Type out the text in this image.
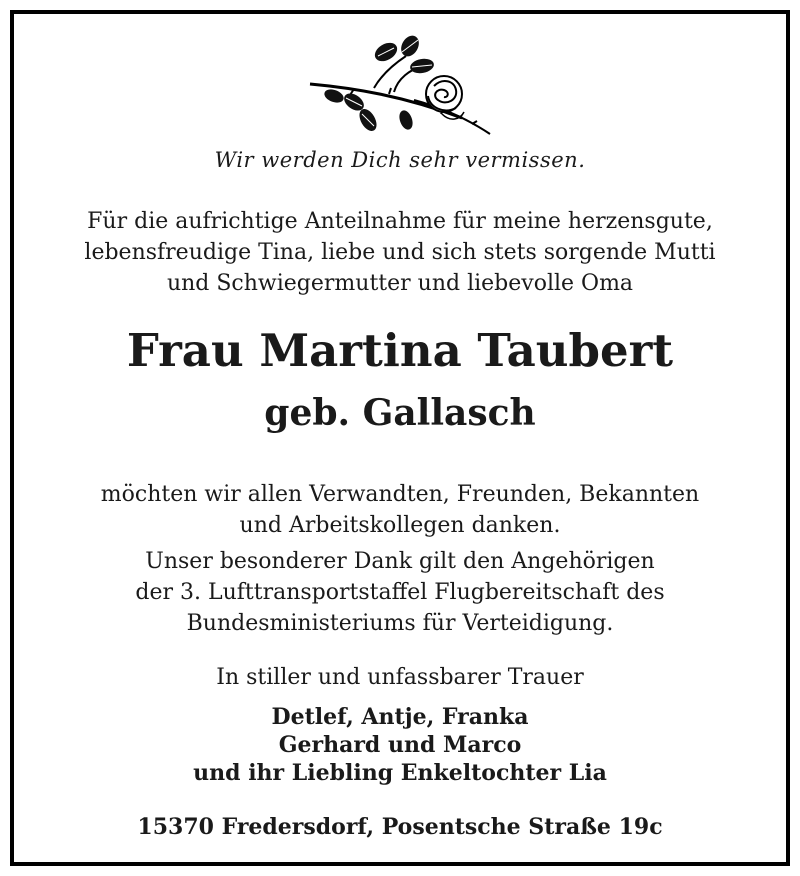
Wir werden Dich sehr vermissen.
Für die aufrichtige Anteilnahme für meine herzensgute,
lebensfreudige Tina, liebe und sich stets sorgende Mutti
und Schwiegermutter und liebevolle Oma
Frau Martina Taubert
geb. Gallasch
möchten wir allen Verwandten, Freunden, Bekannten
und Arbeitskollegen danken.
Unser besonderer Dank gilt den Angehörigen
der 3. Lufttransportstaffel Flugbereitschaft des
Bundesministeriums für Verteidigung.
In stiller und unfassbarer Trauer
Detlef, Antje, Franka
Gerhard und Marco
und ihr Liebling Enkeltochter Lia
15370 Fredersdorf, Posentsche Straße 19c
